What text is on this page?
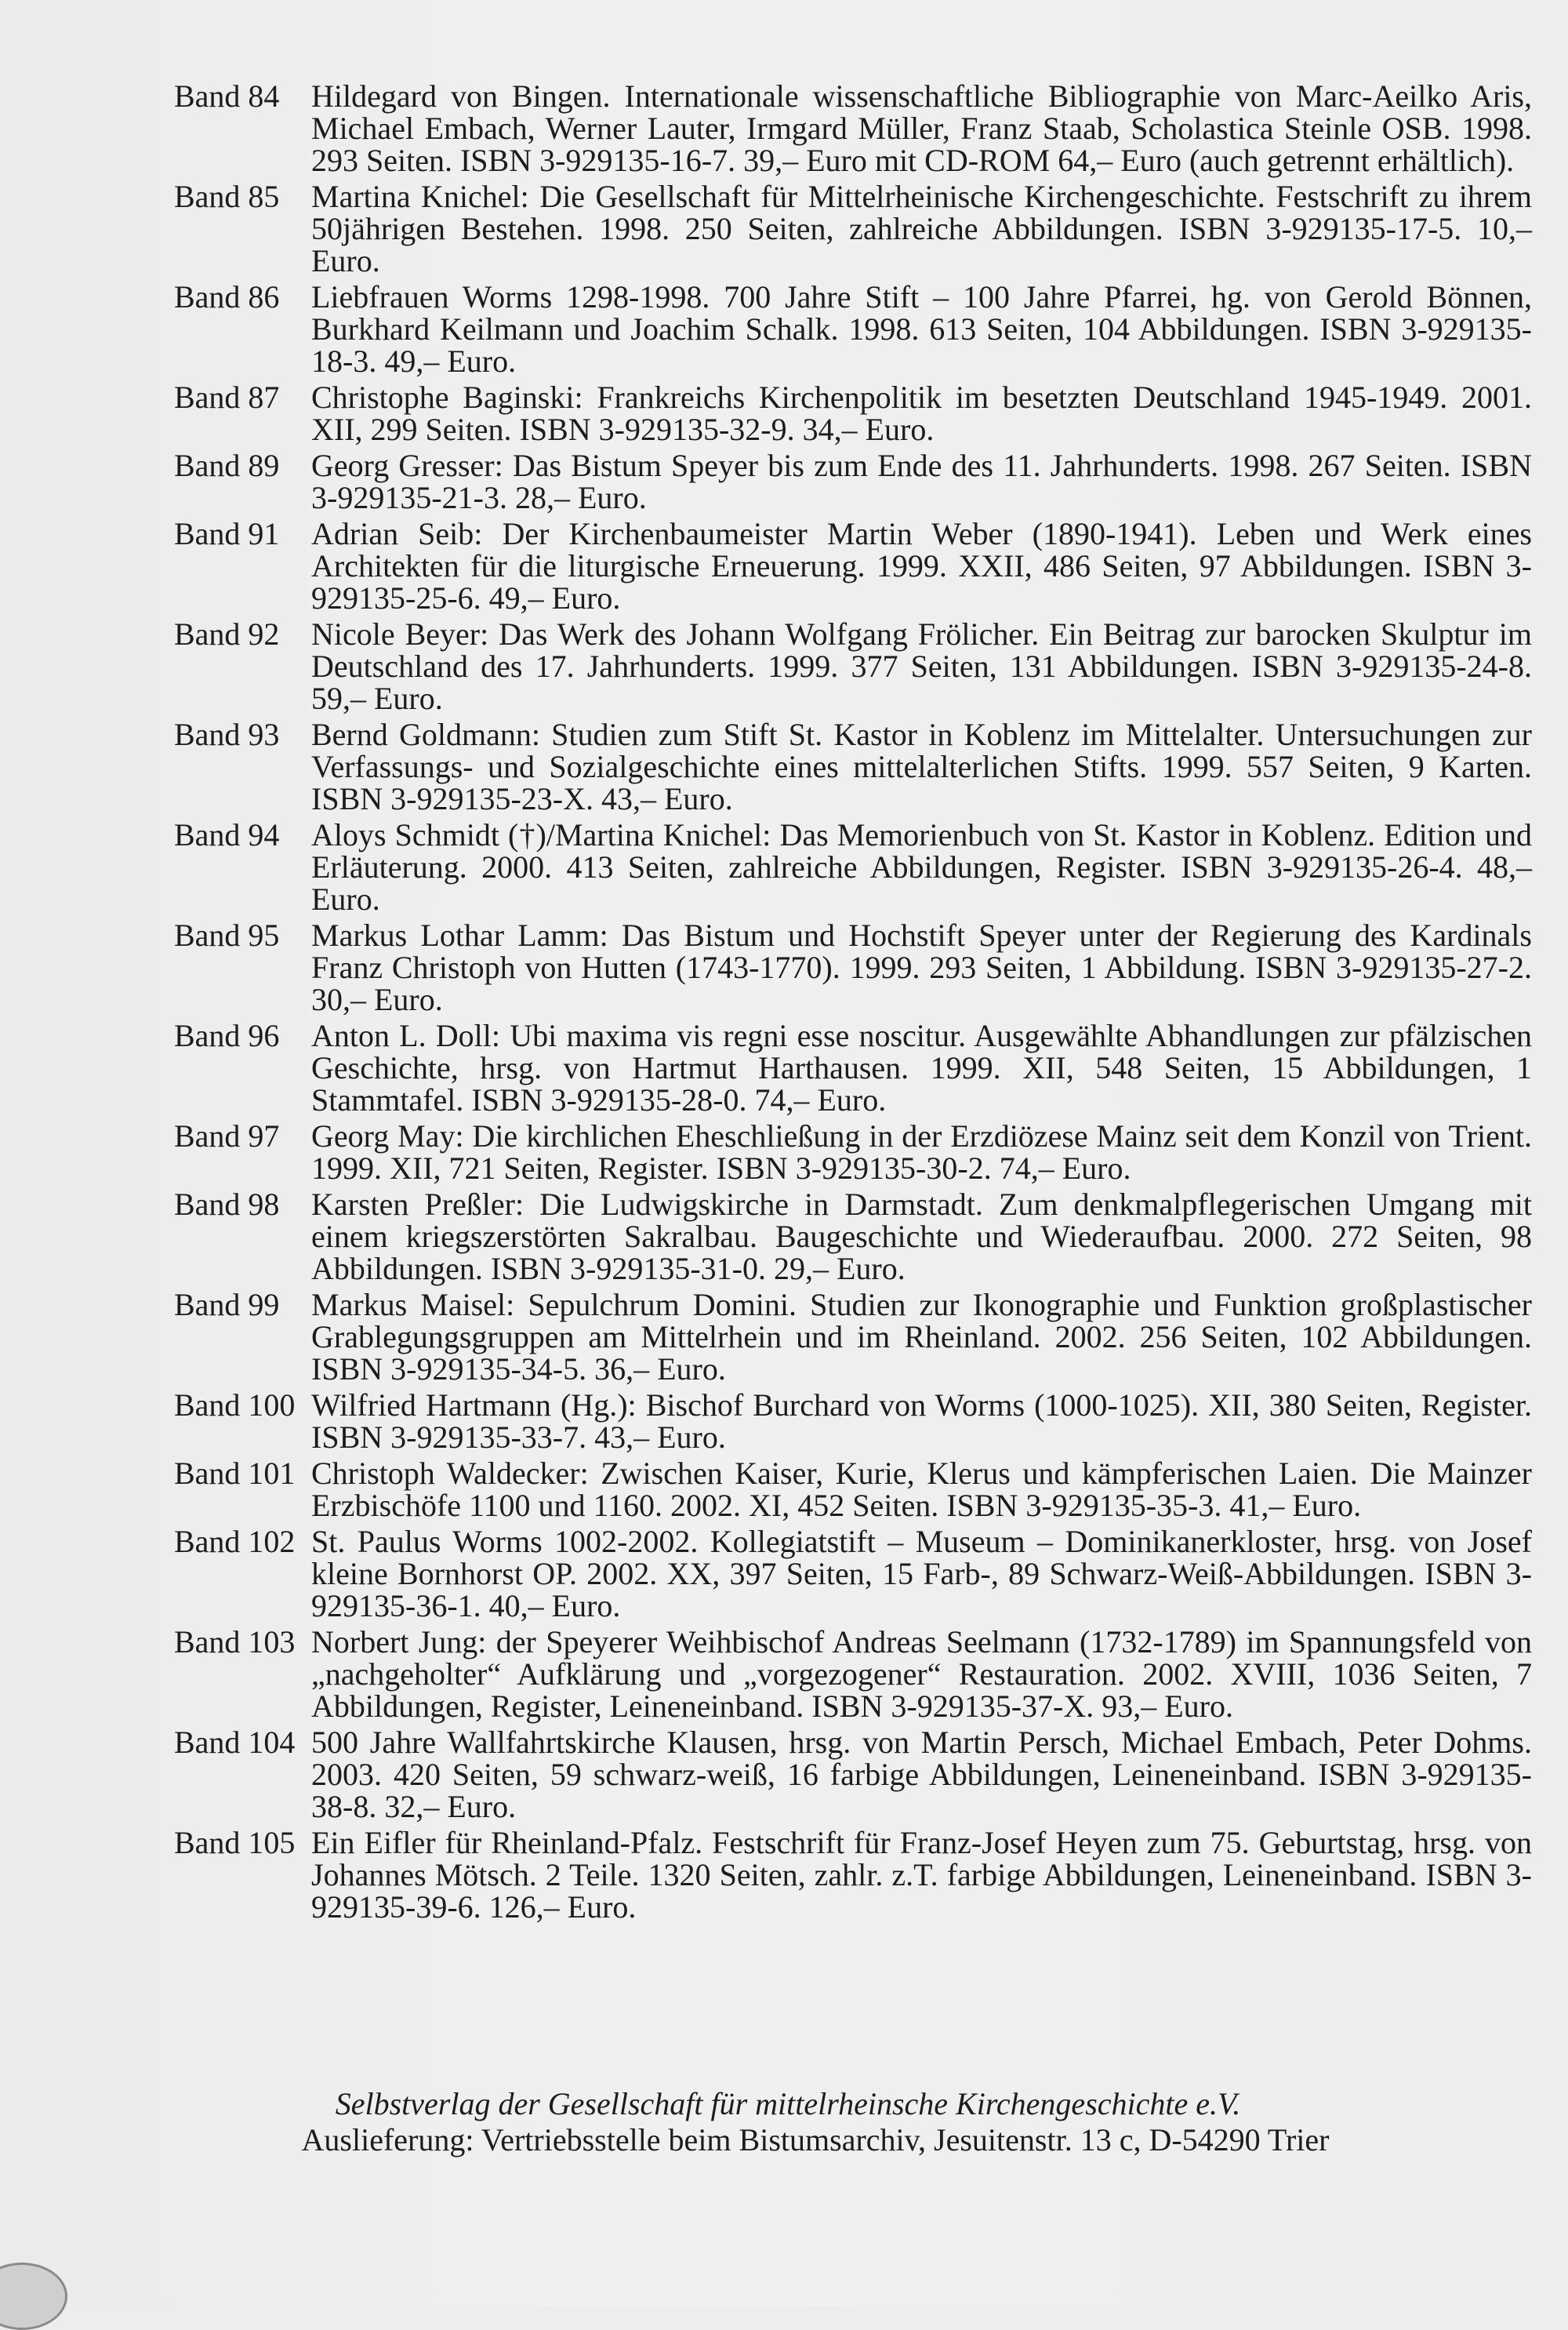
Band 84	Hildegard von Bingen. Internationale wissenschaftliche Bibliographie von Marc-Aeilko Aris, Michael Embach, Werner Lauter, Irmgard Müller, Franz Staab, Scholastica Steinle OSB. 1998. 293 Seiten. ISBN 3-929135-16-7. 39,– Euro mit CD-ROM 64,– Euro (auch getrennt erhältlich).
Band 85	Martina Knichel: Die Gesellschaft für Mittelrheinische Kirchengeschichte. Festschrift zu ihrem 50jährigen Bestehen. 1998. 250 Seiten, zahlreiche Abbildungen. ISBN 3-929135-17-5. 10,– Euro.
Band 86	Liebfrauen Worms 1298-1998. 700 Jahre Stift – 100 Jahre Pfarrei, hg. von Gerold Bönnen, Burkhard Keilmann und Joachim Schalk. 1998. 613 Seiten, 104 Abbildungen. ISBN 3-929135-18-3. 49,– Euro.
Band 87	Christophe Baginski: Frankreichs Kirchenpolitik im besetzten Deutschland 1945-1949. 2001. XII, 299 Seiten. ISBN 3-929135-32-9. 34,– Euro.
Band 89	Georg Gresser: Das Bistum Speyer bis zum Ende des 11. Jahrhunderts. 1998. 267 Seiten. ISBN 3-929135-21-3. 28,– Euro.
Band 91	Adrian Seib: Der Kirchenbaumeister Martin Weber (1890-1941). Leben und Werk eines Architekten für die liturgische Erneuerung. 1999. XXII, 486 Seiten, 97 Abbildungen. ISBN 3-929135-25-6. 49,– Euro.
Band 92	Nicole Beyer: Das Werk des Johann Wolfgang Frölicher. Ein Beitrag zur barocken Skulptur im Deutschland des 17. Jahrhunderts. 1999. 377 Seiten, 131 Abbildungen. ISBN 3-929135-24-8. 59,– Euro.
Band 93	Bernd Goldmann: Studien zum Stift St. Kastor in Koblenz im Mittelalter. Untersuchungen zur Verfassungs- und Sozialgeschichte eines mittelalterlichen Stifts. 1999. 557 Seiten, 9 Karten. ISBN 3-929135-23-X. 43,– Euro.
Band 94	Aloys Schmidt (†)/Martina Knichel: Das Memorienbuch von St. Kastor in Koblenz. Edition und Erläuterung. 2000. 413 Seiten, zahlreiche Abbildungen, Register. ISBN 3-929135-26-4. 48,– Euro.
Band 95	Markus Lothar Lamm: Das Bistum und Hochstift Speyer unter der Regierung des Kardinals Franz Christoph von Hutten (1743-1770). 1999. 293 Seiten, 1 Abbildung. ISBN 3-929135-27-2. 30,– Euro.
Band 96	Anton L. Doll: Ubi maxima vis regni esse noscitur. Ausgewählte Abhandlungen zur pfälzischen Geschichte, hrsg. von Hartmut Harthausen. 1999. XII, 548 Seiten, 15 Abbildungen, 1 Stammtafel. ISBN 3-929135-28-0. 74,– Euro.
Band 97	Georg May: Die kirchlichen Eheschließung in der Erzdiözese Mainz seit dem Konzil von Trient. 1999. XII, 721 Seiten, Register. ISBN 3-929135-30-2. 74,– Euro.
Band 98	Karsten Preßler: Die Ludwigskirche in Darmstadt. Zum denkmalpflegerischen Umgang mit einem kriegszerstörten Sakralbau. Baugeschichte und Wiederaufbau. 2000. 272 Seiten, 98 Abbildungen. ISBN 3-929135-31-0. 29,– Euro.
Band 99	Markus Maisel: Sepulchrum Domini. Studien zur Ikonographie und Funktion großplastischer Grablegungsgruppen am Mittelrhein und im Rheinland. 2002. 256 Seiten, 102 Abbildungen. ISBN 3-929135-34-5. 36,– Euro.
Band 100 Wilfried Hartmann (Hg.): Bischof Burchard von Worms (1000-1025). XII, 380 Seiten, Register. ISBN 3-929135-33-7. 43,– Euro.
Band 101 Christoph Waldecker: Zwischen Kaiser, Kurie, Klerus und kämpferischen Laien. Die Mainzer Erzbischöfe 1100 und 1160. 2002. XI, 452 Seiten. ISBN 3-929135-35-3. 41,– Euro.
Band 102 St. Paulus Worms 1002-2002. Kollegiatstift – Museum – Dominikanerkloster, hrsg. von Josef kleine Bornhorst OP. 2002. XX, 397 Seiten, 15 Farb-, 89 Schwarz-Weiß-Abbildungen. ISBN 3-929135-36-1. 40,– Euro.
Band 103 Norbert Jung: der Speyerer Weihbischof Andreas Seelmann (1732-1789) im Spannungsfeld von „nachgeholter“ Aufklärung und „vorgezogener“ Restauration. 2002. XVIII, 1036 Seiten, 7 Abbildungen, Register, Leineneinband. ISBN 3-929135-37-X. 93,– Euro.
Band 104 500 Jahre Wallfahrtskirche Klausen, hrsg. von Martin Persch, Michael Embach, Peter Dohms. 2003. 420 Seiten, 59 schwarz-weiß, 16 farbige Abbildungen, Leineneinband. ISBN 3-929135-38-8. 32,– Euro.
Band 105 Ein Eifler für Rheinland-Pfalz. Festschrift für Franz-Josef Heyen zum 75. Geburtstag, hrsg. von Johannes Mötsch. 2 Teile. 1320 Seiten, zahlr. z.T. farbige Abbildungen, Leineneinband. ISBN 3-929135-39-6. 126,– Euro.
Selbstverlag der Gesellschaft für mittelrheinsche Kirchengeschichte e.V.
Auslieferung: Vertriebsstelle beim Bistumsarchiv, Jesuitenstr. 13 c, D-54290 Trier
